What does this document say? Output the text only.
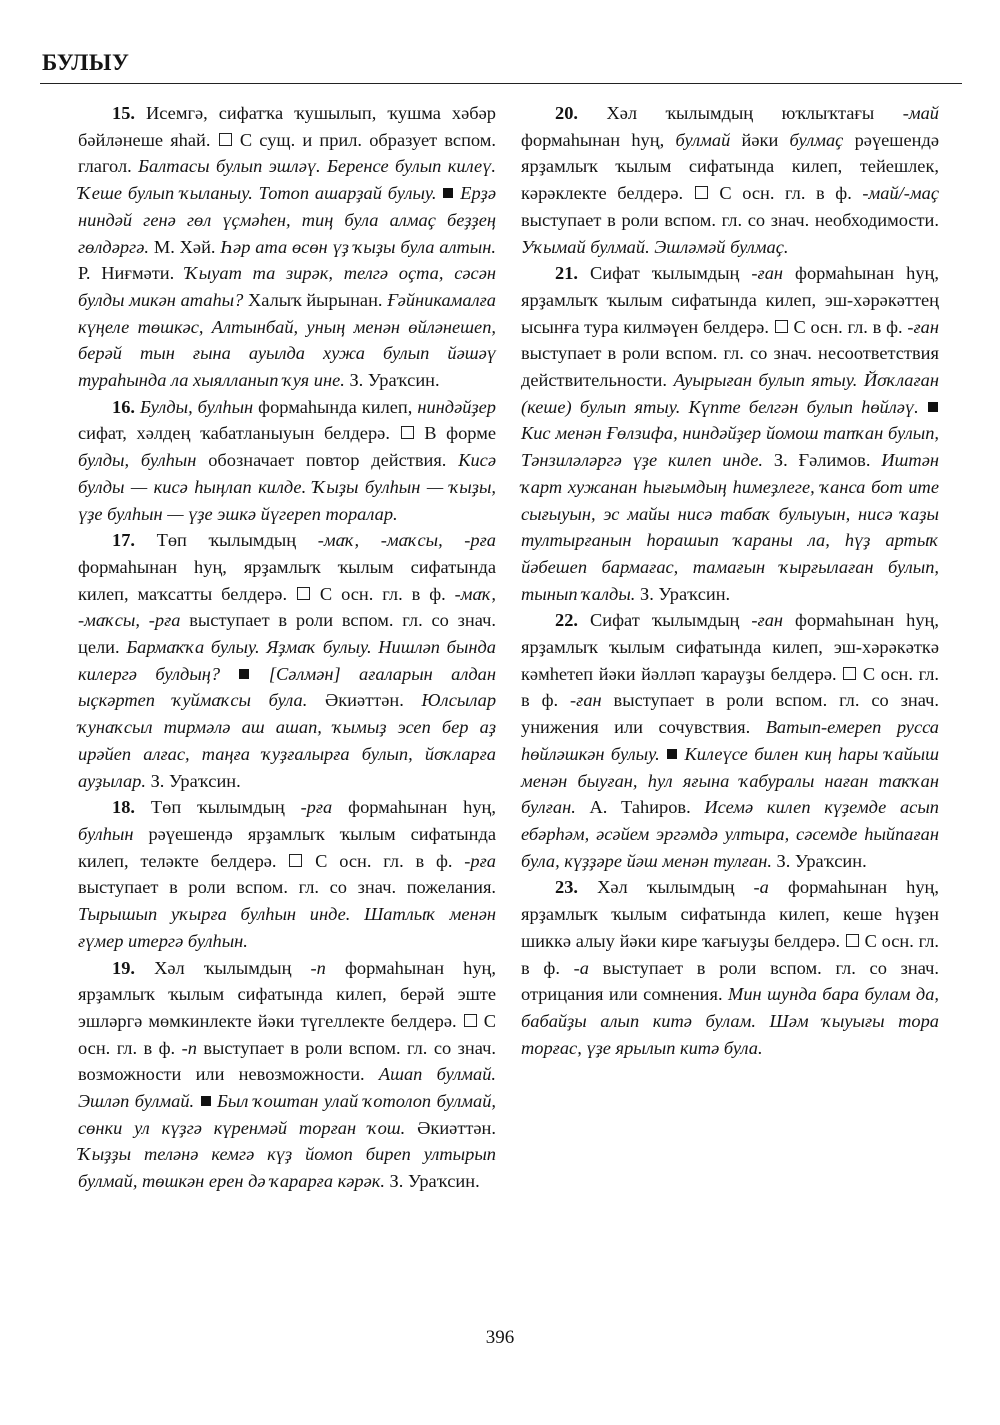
БУЛЫУ

15. Исемгә, сифатҡа ҡушылып, ҡушма хәбәр бәйләнеше яһай.  С сущ. и прил. образует вспом. глагол. Балтасы булып эшләү. Беренсе булып килеү. Ҡеше булып ҡыланыу. Тотоп ашарҙай булыу.  Ерҙә ниндәй генә гөл үҫмәһен, тиң була алмаҫ беҙҙең гөлдәргә. М. Хәй. Һәр ата өсөн үҙ ҡыҙы була алтын. Р. Ниғмәти. Ҡыуат та зирәк, телгә оҫта, сәсән булды микән атаһы? Халыҡ йырынан. Ғәйникамалға күңеле төшкәс, Алтынбай, уның менән өйләнешеп, берәй тын ғына ауылда хужа булып йәшәү тураһында ла хыялланып ҡуя ине. З. Ураҡсин.

16. Булды, булһын формаһында килеп, ниндәйҙер сифат, хәлдең ҡабатланыуын белдерә.  В форме булды, булһын обозначает повтор действия. Кисә булды — кисә һыңлап килде. Ҡыҙы булһын — ҡыҙы, үҙе булһын — үҙе эшкә йүгереп торалар.

17. Төп ҡылымдың -маҡ, -маҡсы, -рға формаһынан һуң, ярҙамлыҡ ҡылым сифатында килеп, маҡсатты белдерә.  С осн. гл. в ф. -маҡ, -маҡсы, -рға выступает в роли вспом. гл. со знач. цели. Бармаҡҡа булыу. Яҙмаҡ булыу. Нишләп бында килергә булдың?  [Сәлмән] ағаларын алдан ыҫкәртеп ҡуймаҡсы була. Әкиәттән. Юлсылар ҡунаҡсыл тирмәлә аш ашап, ҡымыҙ эсеп бер аҙ ирәйеп алғас, таңға ҡуҙғалырға булып, йоҡларға ауҙылар. З. Ураҡсин.

18. Төп ҡылымдың -рға формаһынан һуң, булһын рәүешендә ярҙамлыҡ ҡылым сифатында килеп, теләкте белдерә.  С осн. гл. в ф. -рға выступает в роли вспом. гл. со знач. пожелания. Тырышып уҡырға булһын инде. Шатлыҡ менән ғүмер итергә булһын.

19. Хәл ҡылымдың -п формаһынан һуң, ярҙамлыҡ ҡылым сифатында килеп, берәй эште эшләргә мөмкинлекте йәки түгеллекте белдерә.  С осн. гл. в ф. -п выступает в роли вспом. гл. со знач. возможности или невозможности. Ашап булмай. Эшләп булмай.  Был ҡоштан улай ҡотолоп булмай, сөнки ул күҙгә күренмәй торған ҡош. Әкиәттән. Ҡыҙҙы теләнә кемгә күҙ йомоп биреп ултырып булмай, төшкән ерен дә ҡарарға кәрәк. З. Ураҡсин.

20. Хәл ҡылымдың юҡлыҡтағы -май формаһынан һуң, булмай йәки булмаҫ рәүешендә ярҙамлыҡ ҡылым сифатында килеп, тейешлек, кәрәклекте белдерә.  С осн. гл. в ф. -май/-маҫ выступает в роли вспом. гл. со знач. необходимости. Уҡымай булмай. Эшләмәй булмаҫ.

21. Сифат ҡылымдың -ған формаһынан һуң, ярҙамлыҡ ҡылым сифатында килеп, эш-хәрәкәттең ысынға тура килмәүен белдерә.  С осн. гл. в ф. -ған выступает в роли вспом. гл. со знач. несоответствия действительности. Ауырыған булып ятыу. Йоҡлаған (кеше) булып ятыу. Күпте белгән булып һөйләү.  Кис менән Ғөлзифа, ниндәйҙер йомош тапҡан булып, Тәнзиләләргә үҙе килеп инде. З. Ғәлимов. Иштән ҡарт хужанан һығымдың һимеҙлеге, ҡанса бот ите сығыуын, эс майы нисә табаҡ булыуын, нисә ҡаҙы тултырғанын һорашып ҡараны ла, һүҙ артыҡ йәбешеп бармағас, тамағын ҡырғылаған булып, тынып ҡалды. З. Ураҡсин.

22. Сифат ҡылымдың -ған формаһынан һуң, ярҙамлыҡ ҡылым сифатында килеп, эш-хәрәкәткә кәмһетеп йәки йәлләп ҡарауҙы белдерә.  С осн. гл. в ф. -ған выступает в роли вспом. гл. со знач. унижения или сочувствия. Ватып-емереп русса һөйләшкән булыу.  Килеүсе билен киң һары ҡайыш менән быуған, һул яғына ҡабуралы наған таҡҡан булған. А. Таһиров. Исемә килеп күҙемде асып ебәрһәм, әсәйем эргәмдә ултыра, сәсемде һыйпаған була, күҙҙәре йәш менән тулған. З. Ураҡсин.

23. Хәл ҡылымдың -а формаһынан һуң, ярҙамлыҡ ҡылым сифатында килеп, кеше һүҙен шиккә алыу йәки кире ҡағыуҙы белдерә.  С осн. гл. в ф. -а выступает в роли вспом. гл. со знач. отрицания или сомнения. Мин шунда бара булам да, бабайҙы алып китә булам. Шәм ҡыуығы тора торғас, үҙе ярылып китә була.

396
